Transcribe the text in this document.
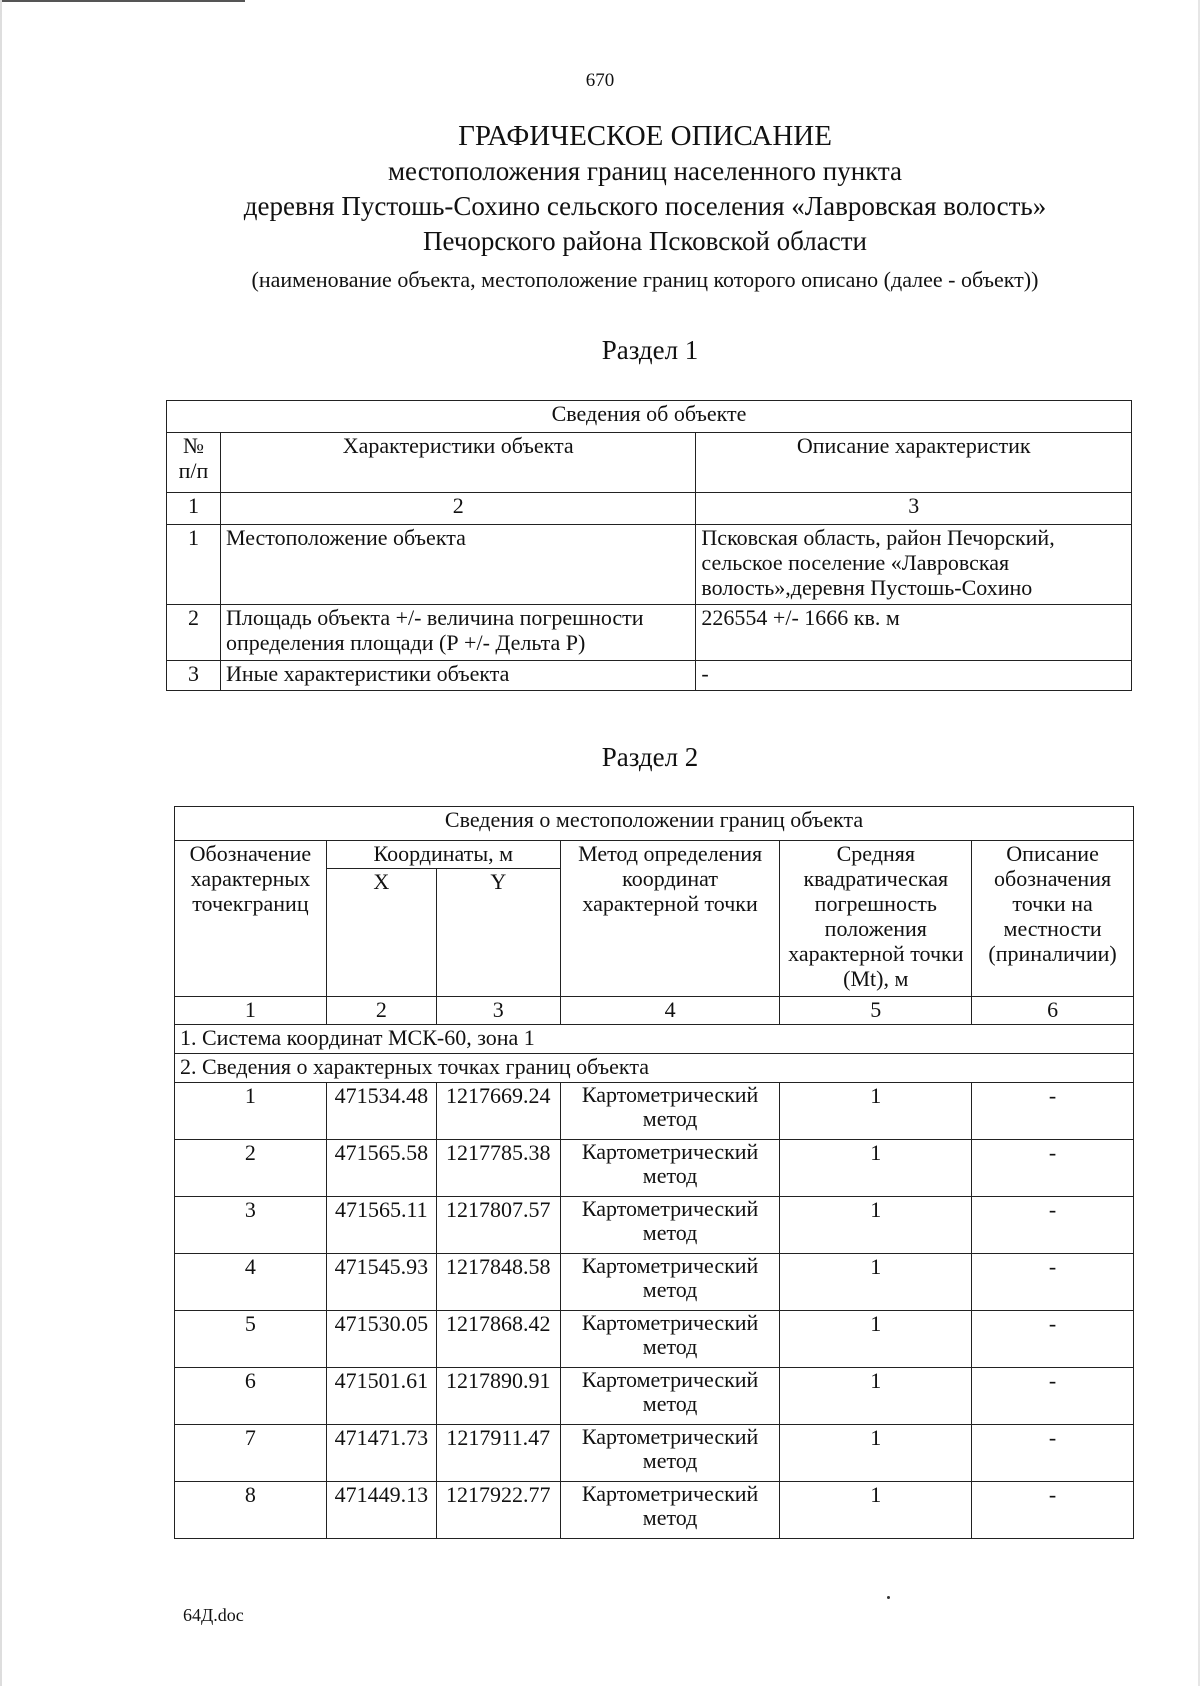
670
ГРАФИЧЕСКОЕ ОПИСАНИЕ
местоположения границ населенного пункта
деревня Пустошь-Сохино сельского поселения «Лавровская волость»
Печорского района Псковской области
(наименование объекта, местоположение границ которого описано (далее - объект))
Раздел 1
Сведения об объекте		
№ п/п	Характеристики объекта	Описание характеристик
1	2	3
1	Местоположение объекта	Псковская область, район Печорский, сельское поселение «Лавровская волость»,деревня Пустошь-Сохино
2	Площадь объекта +/- величина погрешности определения площади (Р +/- Дельта Р)	226554 +/- 1666 кв. м
3	Иные характеристики объекта	-
Раздел 2
Сведения о местоположении границ объекта					
Обозначение характерных точекграниц	Координаты, м		Метод определения координат характерной точки	Средняя квадратическая погрешность положения характерной точки (Mt), м	Описание обозначения точки на местности (приналичии)
	X	Y			
1	2	3	4	5	6
1. Система координат МСК-60, зона 1					
2. Сведения о характерных точках границ объекта					
1	471534.48	1217669.24	Картометрический метод	1	-
2	471565.58	1217785.38	Картометрический метод	1	-
3	471565.11	1217807.57	Картометрический метод	1	-
4	471545.93	1217848.58	Картометрический метод	1	-
5	471530.05	1217868.42	Картометрический метод	1	-
6	471501.61	1217890.91	Картометрический метод	1	-
7	471471.73	1217911.47	Картометрический метод	1	-
8	471449.13	1217922.77	Картометрический метод	1	-
64Д.doc
